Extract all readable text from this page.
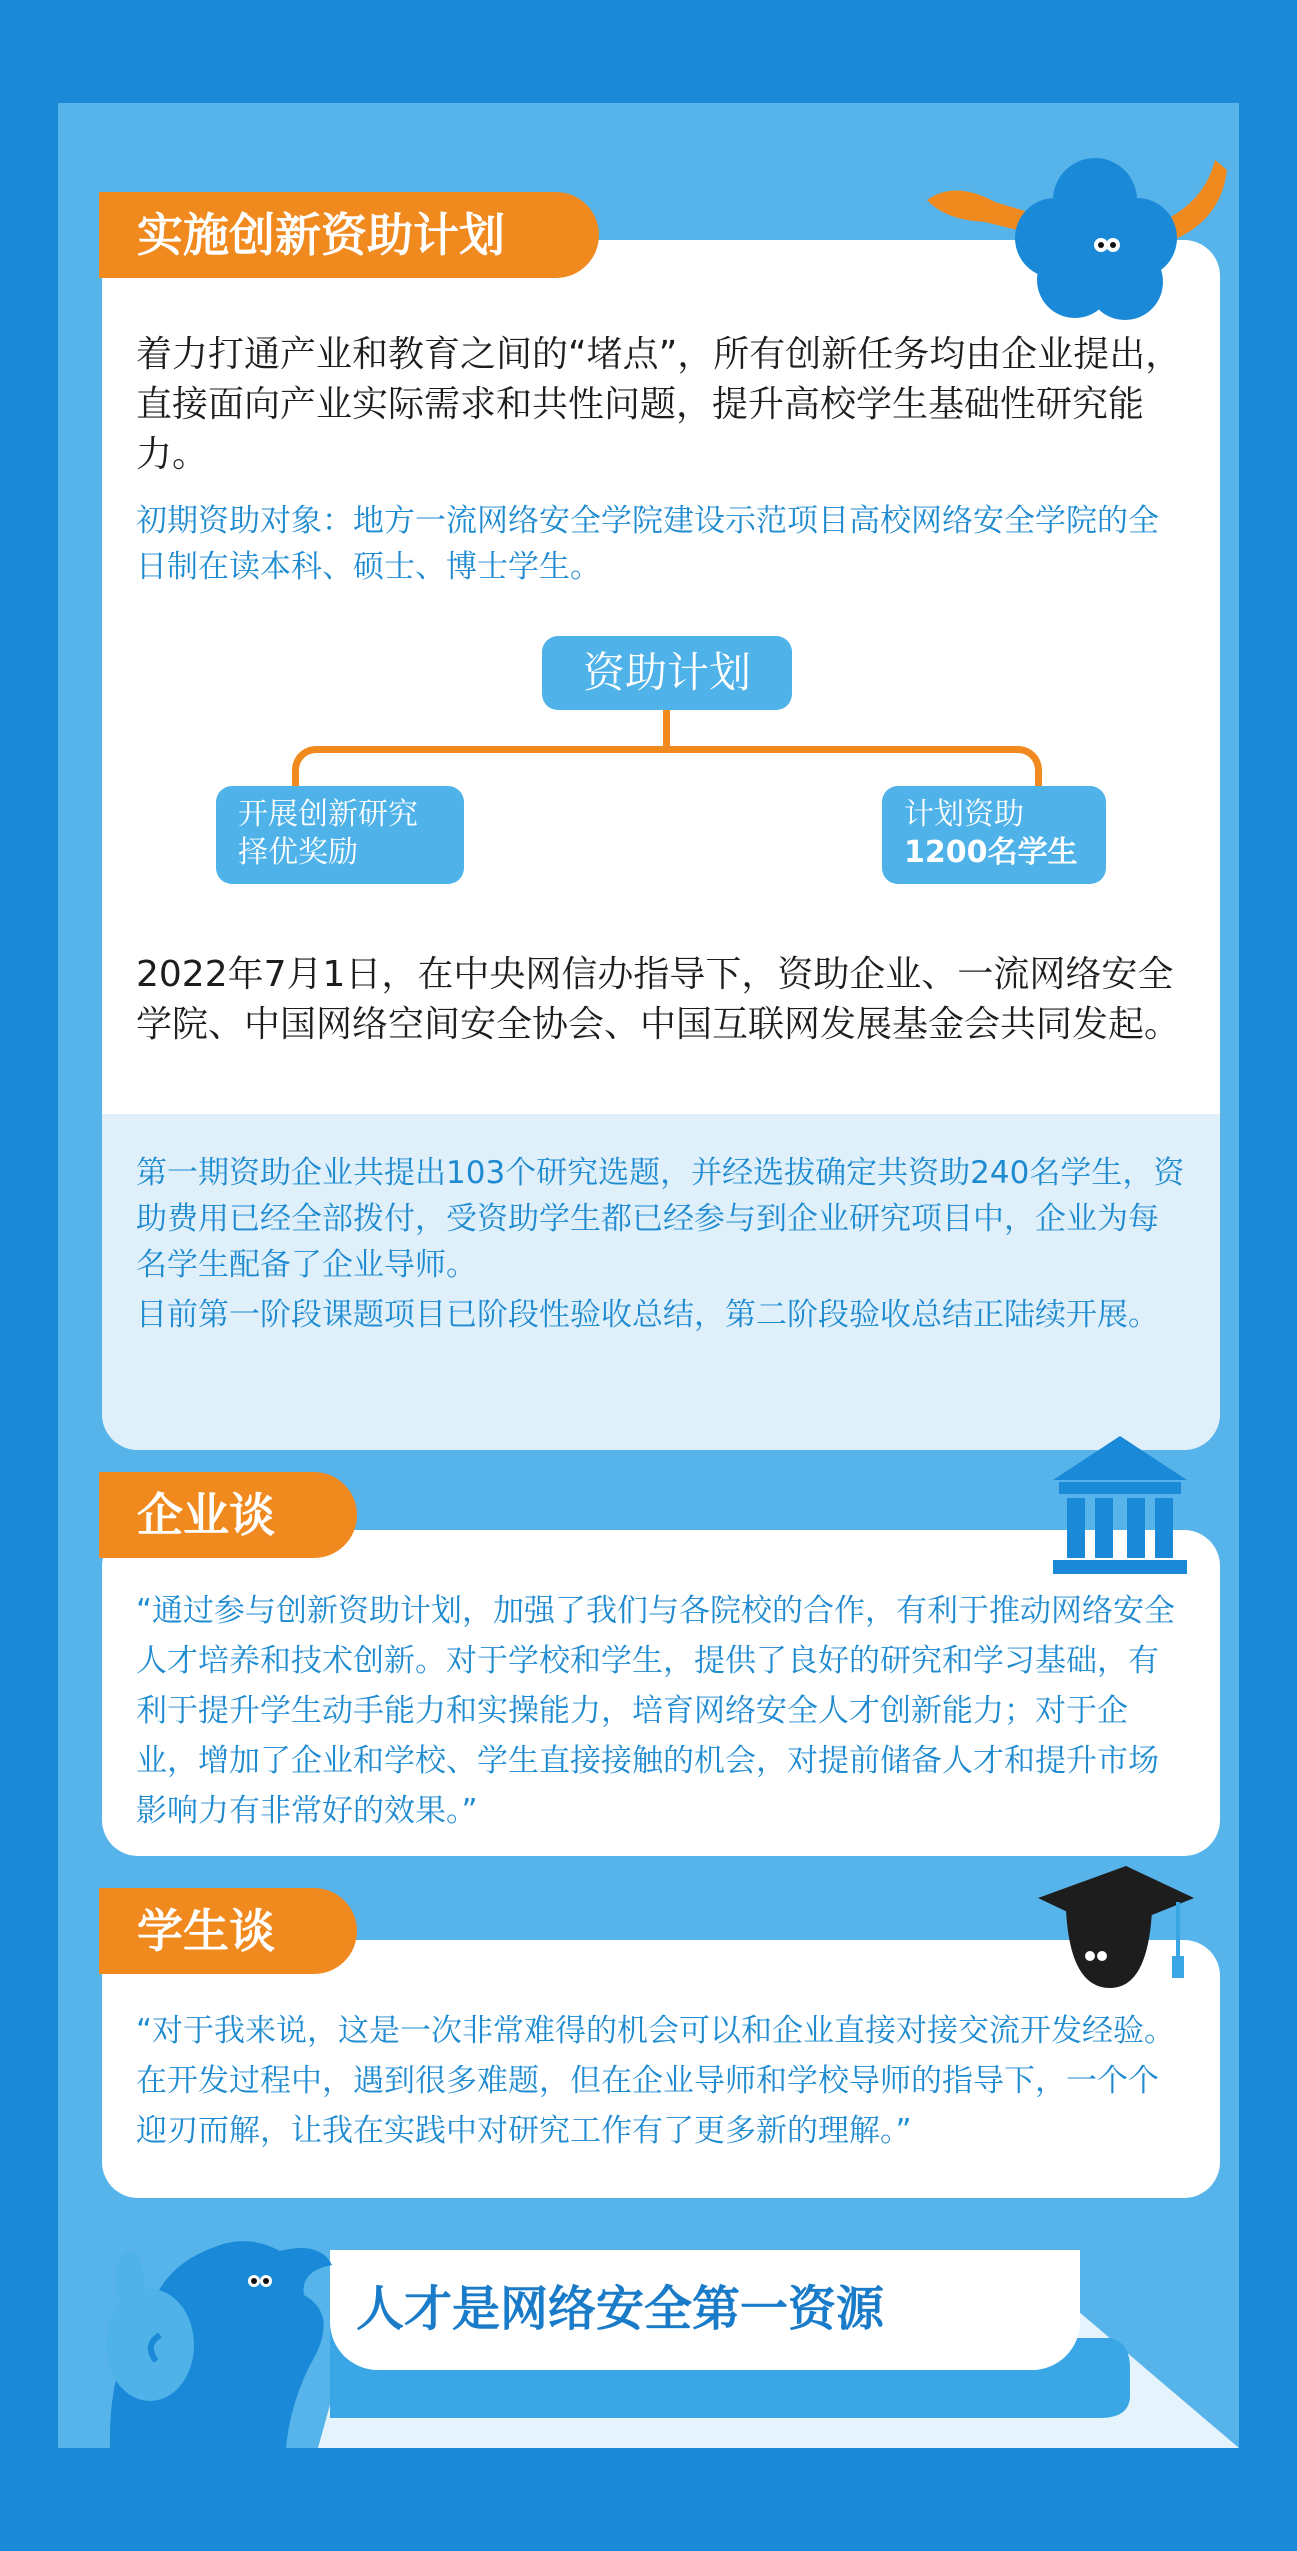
着力打通产业和教育之间的“堵点”，所有创新任务均由企业提出，直接面向产业实际需求和共性问题，提升高校学生基础性研究能力。
初期资助对象：地方一流网络安全学院建设示范项目高校网络安全学院的全日制在读本科、硕士、博士学生。
资助计划
开展创新研究
择优奖励
计划资助
1200名学生
2022年7月1日，在中央网信办指导下，资助企业、一流网络安全学院、中国网络空间安全协会、中国互联网发展基金会共同发起。
第一期资助企业共提出103个研究选题，并经选拔确定共资助240名学生，资助费用已经全部拨付，受资助学生都已经参与到企业研究项目中，企业为每名学生配备了企业导师。
目前第一阶段课题项目已阶段性验收总结，第二阶段验收总结正陆续开展。
实施创新资助计划
“通过参与创新资助计划，加强了我们与各院校的合作，有利于推动网络安全人才培养和技术创新。对于学校和学生，提供了良好的研究和学习基础，有利于提升学生动手能力和实操能力，培育网络安全人才创新能力；对于企业，增加了企业和学校、学生直接接触的机会，对提前储备人才和提升市场影响力有非常好的效果。”
企业谈
“对于我来说，这是一次非常难得的机会可以和企业直接对接交流开发经验。在开发过程中，遇到很多难题，但在企业导师和学校导师的指导下，一个个迎刃而解，让我在实践中对研究工作有了更多新的理解。”
学生谈
人才是网络安全第一资源
